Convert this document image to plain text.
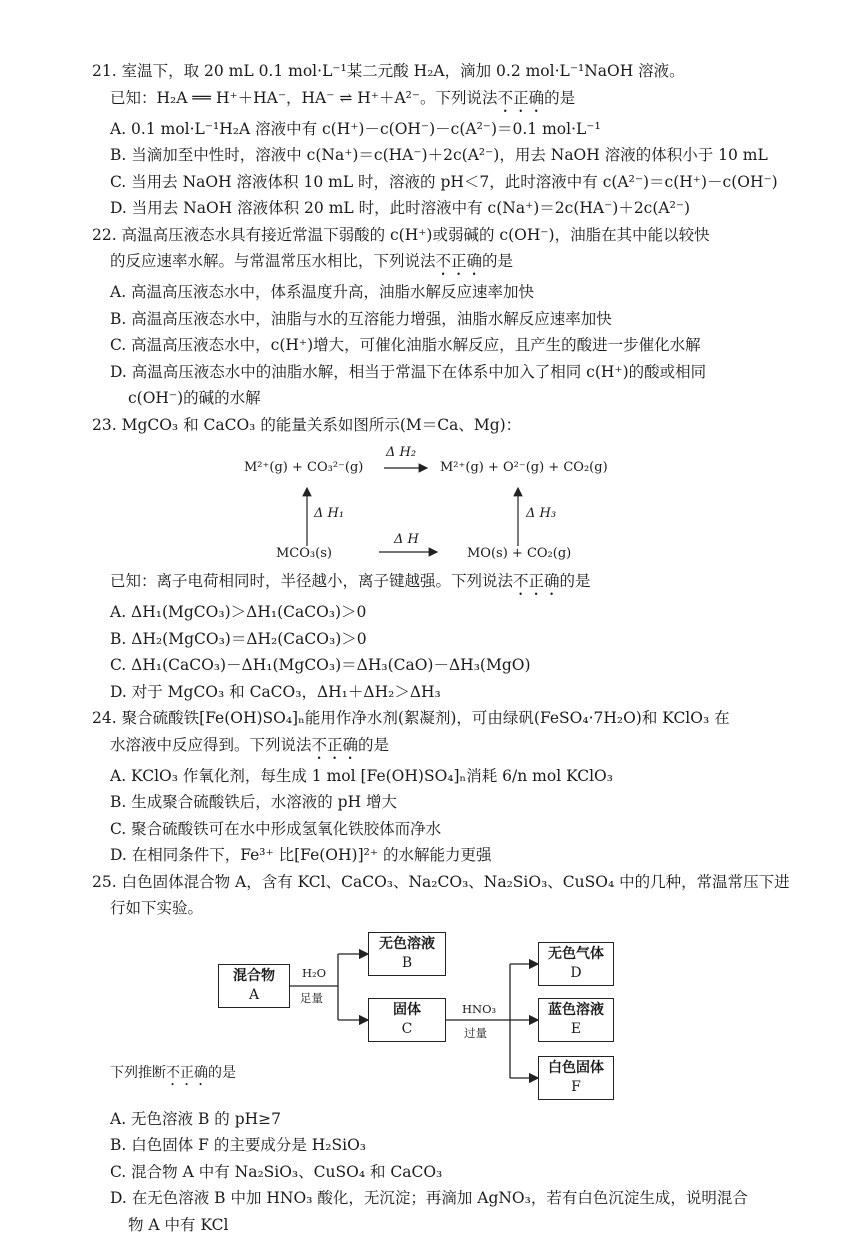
21. 室温下，取 20 mL 0.1 mol·L⁻¹某二元酸 H₂A，滴加 0.2 mol·L⁻¹NaOH 溶液。
已知：H₂A ══ H⁺＋HA⁻，HA⁻ ⇌ H⁺＋A²⁻。下列说法不正确的是
A. 0.1 mol·L⁻¹H₂A 溶液中有 c(H⁺)－c(OH⁻)－c(A²⁻)＝0.1 mol·L⁻¹
B. 当滴加至中性时，溶液中 c(Na⁺)＝c(HA⁻)＋2c(A²⁻)，用去 NaOH 溶液的体积小于 10 mL
C. 当用去 NaOH 溶液体积 10 mL 时，溶液的 pH＜7，此时溶液中有 c(A²⁻)＝c(H⁺)－c(OH⁻)
D. 当用去 NaOH 溶液体积 20 mL 时，此时溶液中有 c(Na⁺)＝2c(HA⁻)＋2c(A²⁻)
22. 高温高压液态水具有接近常温下弱酸的 c(H⁺)或弱碱的 c(OH⁻)，油脂在其中能以较快
的反应速率水解。与常温常压水相比，下列说法不正确的是
A. 高温高压液态水中，体系温度升高，油脂水解反应速率加快
B. 高温高压液态水中，油脂与水的互溶能力增强，油脂水解反应速率加快
C. 高温高压液态水中，c(H⁺)增大，可催化油脂水解反应，且产生的酸进一步催化水解
D. 高温高压液态水中的油脂水解，相当于常温下在体系中加入了相同 c(H⁺)的酸或相同
c(OH⁻)的碱的水解
23. MgCO₃ 和 CaCO₃ 的能量关系如图所示(M＝Ca、Mg)：
M²⁺(g) + CO₃²⁻(g)
Δ H₂
M²⁺(g) + O²⁻(g) + CO₂(g)
Δ H₁	Δ H₃
MCO₃(s)
Δ H
MO(s) + CO₂(g)
已知：离子电荷相同时，半径越小，离子键越强。下列说法不正确的是
A. ΔH₁(MgCO₃)＞ΔH₁(CaCO₃)＞0
B. ΔH₂(MgCO₃)＝ΔH₂(CaCO₃)＞0
C. ΔH₁(CaCO₃)－ΔH₁(MgCO₃)＝ΔH₃(CaO)－ΔH₃(MgO)
D. 对于 MgCO₃ 和 CaCO₃，ΔH₁＋ΔH₂＞ΔH₃
24. 聚合硫酸铁[Fe(OH)SO₄]ₙ能用作净水剂(絮凝剂)，可由绿矾(FeSO₄·7H₂O)和 KClO₃ 在
水溶液中反应得到。下列说法不正确的是
A. KClO₃ 作氧化剂，每生成 1 mol [Fe(OH)SO₄]ₙ消耗 6/n mol KClO₃
B. 生成聚合硫酸铁后，水溶液的 pH 增大
C. 聚合硫酸铁可在水中形成氢氧化铁胶体而净水
D. 在相同条件下，Fe³⁺ 比[Fe(OH)]²⁺ 的水解能力更强
25. 白色固体混合物 A，含有 KCl、CaCO₃、Na₂CO₃、Na₂SiO₃、CuSO₄ 中的几种，常温常压下进
行如下实验。
混合物
A
H₂O
足量
无色溶液
B
固体
C
HNO₃
过量
无色气体
D
蓝色溶液
E
白色固体
F
下列推断不正确的是
A. 无色溶液 B 的 pH≥7
B. 白色固体 F 的主要成分是 H₂SiO₃
C. 混合物 A 中有 Na₂SiO₃、CuSO₄ 和 CaCO₃
D. 在无色溶液 B 中加 HNO₃ 酸化，无沉淀；再滴加 AgNO₃，若有白色沉淀生成，说明混合
物 A 中有 KCl
